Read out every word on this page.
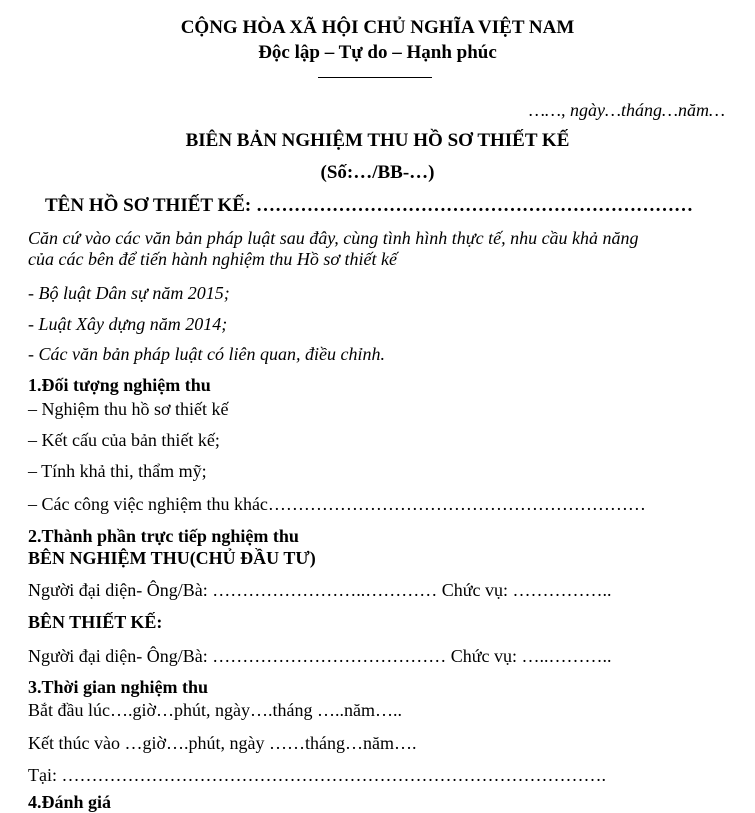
CỘNG HÒA XÃ HỘI CHỦ NGHĨA VIỆT NAM
Độc lập – Tự do – Hạnh phúc
……, ngày…tháng…năm…
BIÊN BẢN NGHIỆM THU HỒ SƠ THIẾT KẾ
(Số:…/BB-…)
TÊN HỒ SƠ THIẾT KẾ: ……………………………………………………………
Căn cứ vào các văn bản pháp luật sau đây, cùng tình hình thực tế, nhu cầu khả năng
của các bên để tiến hành nghiệm thu Hồ sơ thiết kế
- Bộ luật Dân sự năm 2015;
- Luật Xây dựng năm 2014;
- Các văn bản pháp luật có liên quan, điều chỉnh.
1.Đối tượng nghiệm thu
– Nghiệm thu hồ sơ thiết kế
– Kết cấu của bản thiết kế;
– Tính khả thi, thẩm mỹ;
– Các công việc nghiệm thu khác………………………………………………………
2.Thành phần trực tiếp nghiệm thu
BÊN NGHIỆM THU(CHỦ ĐẦU TƯ)
Người đại diện- Ông/Bà: ……………………..………… Chức vụ: ……………..
BÊN THIẾT KẾ:
Người đại diện- Ông/Bà: ………………………………… Chức vụ: …..………..
3.Thời gian nghiệm thu
Bắt đầu lúc….giờ…phút, ngày….tháng …..năm…..
Kết thúc vào …giờ….phút, ngày ……tháng…năm….
Tại: ……………………………………………………………………………….
4.Đánh giá
